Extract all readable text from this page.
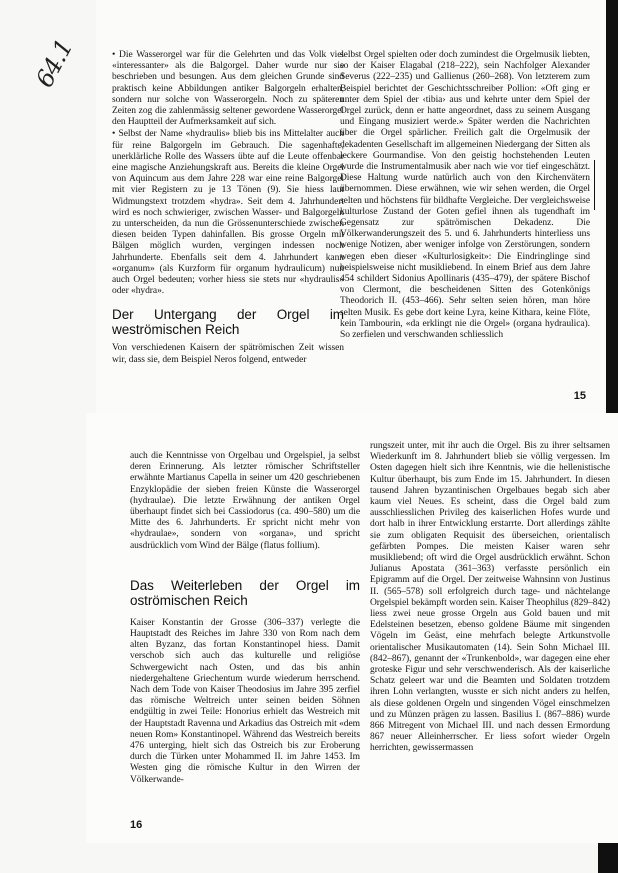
64.1	• Die Wasserorgel war für die Gelehrten und das Volk viel «interessanter» als die Balgorgel. Daher wurde nur sie beschrieben und besungen. Aus dem gleichen Grunde sind praktisch keine Abbildungen antiker Balgorgeln erhalten, sondern nur solche von Wasserorgeln. Noch zu späteren Zeiten zog die zahlenmässig seltener gewordene Wasserorgel den Hauptteil der Aufmerksamkeit auf sich.

• Selbst der Name «hydraulis» blieb bis ins Mittelalter auch für reine Balgorgeln im Gebrauch. Die sagenhafte, unerklärliche Rolle des Wassers übte auf die Leute offenbar eine magische Anziehungskraft aus. Bereits die kleine Orgel von Aquincum aus dem Jahre 228 war eine reine Balgorgel mit vier Registern zu je 13 Tönen (9). Sie hiess laut Widmungstext trotzdem «hydra». Seit dem 4. Jahrhundert wird es noch schwieriger, zwischen Wasser- und Balgorgeln zu unterscheiden, da nun die Grössenunterschiede zwischen diesen beiden Typen dahinfallen. Bis grosse Orgeln mit Bälgen möglich wurden, vergingen indessen noch Jahrhunderte. Ebenfalls seit dem 4. Jahrhundert kann «organum» (als Kurzform für organum hydraulicum) nun auch Orgel bedeuten; vorher hiess sie stets nur «hydraulis» oder «hydra».

Der Untergang der Orgel im weströmischen Reich

Von verschiedenen Kaisern der spätrömischen Zeit wissen wir, dass sie, dem Beispiel Neros folgend, entweder

selbst Orgel spielten oder doch zumindest die Orgelmusik liebten, so der Kaiser Elagabal (218–222), sein Nachfolger Alexander Severus (222–235) und Gallienus (260–268). Von letzterem zum Beispiel berichtet der Geschichtsschreiber Pollion: «Oft ging er unter dem Spiel der ‹tibia› aus und kehrte unter dem Spiel der Orgel zurück, denn er hatte angeordnet, dass zu seinem Ausgang und Eingang musiziert werde.» Später werden die Nachrichten über die Orgel spärlicher. Freilich galt die Orgelmusik der dekadenten Gesellschaft im allgemeinen Niedergang der Sitten als leckere Gourmandise. Von den geistig hochstehenden Leuten wurde die Instrumentalmusik aber nach wie vor tief eingeschätzt. Diese Haltung wurde natürlich auch von den Kirchenvätern übernommen. Diese erwähnen, wie wir sehen werden, die Orgel selten und höchstens für bildhafte Vergleiche. Der vergleichsweise kulturlose Zustand der Goten gefiel ihnen als tugendhaft im Gegensatz zur spätrömischen Dekadenz. Die Völkerwanderungszeit des 5. und 6. Jahrhunderts hinterliess uns wenige Notizen, aber weniger infolge von Zerstörungen, sondern wegen eben dieser «Kulturlosigkeit»: Die Eindringlinge sind beispielsweise nicht musikliebend. In einem Brief aus dem Jahre 454 schildert Sidonius Apollinaris (435–479), der spätere Bischof von Clermont, die bescheidenen Sitten des Gotenkönigs Theodorich II. (453–466). Sehr selten seien hören, man höre selten Musik. Es gebe dort keine Lyra, keine Kithara, keine Flöte, kein Tambourin, «da erklingt nie die Orgel» (organa hydraulica). So zerfielen und verschwanden schliesslich

15

auch die Kenntnisse von Orgelbau und Orgelspiel, ja selbst deren Erinnerung. Als letzter römischer Schriftsteller erwähnte Martianus Capella in seiner um 420 geschriebenen Enzyklopädie der sieben freien Künste die Wasserorgel (hydraulae). Die letzte Erwähnung der antiken Orgel überhaupt findet sich bei Cassiodorus (ca. 490–580) um die Mitte des 6. Jahrhunderts. Er spricht nicht mehr von «hydraulae», sondern von «organa», und spricht ausdrücklich vom Wind der Bälge (flatus follium).

Das Weiterleben der Orgel im oströmischen Reich

Kaiser Konstantin der Grosse (306–337) verlegte die Hauptstadt des Reiches im Jahre 330 von Rom nach dem alten Byzanz, das fortan Konstantinopel hiess. Damit verschob sich auch das kulturelle und religiöse Schwergewicht nach Osten, und das bis anhin niedergehaltene Griechentum wurde wiederum herrschend. Nach dem Tode von Kaiser Theodosius im Jahre 395 zerfiel das römische Weltreich unter seinen beiden Söhnen endgültig in zwei Teile: Honorius erhielt das Westreich mit der Hauptstadt Ravenna und Arkadius das Ostreich mit «dem neuen Rom» Konstantinopel. Während das Westreich bereits 476 unterging, hielt sich das Ostreich bis zur Eroberung durch die Türken unter Mohammed II. im Jahre 1453. Im Westen ging die römische Kultur in den Wirren der Völkerwande-

rungszeit unter, mit ihr auch die Orgel. Bis zu ihrer seltsamen Wiederkunft im 8. Jahrhundert blieb sie völlig vergessen. Im Osten dagegen hielt sich ihre Kenntnis, wie die hellenistische Kultur überhaupt, bis zum Ende im 15. Jahrhundert. In diesen tausend Jahren byzantinischen Orgelbaues begab sich aber kaum viel Neues. Es scheint, dass die Orgel bald zum ausschliesslichen Privileg des kaiserlichen Hofes wurde und dort halb in ihrer Entwicklung erstarrte. Dort allerdings zählte sie zum obligaten Requisit des überseichen, orientalisch gefärbten Pompes. Die meisten Kaiser waren sehr musikliebend; oft wird die Orgel ausdrücklich erwähnt. Schon Julianus Apostata (361–363) verfasste persönlich ein Epigramm auf die Orgel. Der zeitweise Wahnsinn von Justinus II. (565–578) soll erfolgreich durch tage- und nächtelange Orgelspiel bekämpft worden sein. Kaiser Theophilus (829–842) liess zwei neue grosse Orgeln aus Gold bauen und mit Edelsteinen besetzen, ebenso goldene Bäume mit singenden Vögeln im Geäst, eine mehrfach belegte Artkunstvolle orientalischer Musikautomaten (14). Sein Sohn Michael III. (842–867), genannt der «Trunkenbold», war dagegen eine eher groteske Figur und sehr verschwenderisch. Als der kaiserliche Schatz geleert war und die Beamten und Soldaten trotzdem ihren Lohn verlangten, wusste er sich nicht anders zu helfen, als diese goldenen Orgeln und singenden Vögel einschmelzen und zu Münzen prägen zu lassen. Basilius I. (867–886) wurde 866 Mitregent von Michael III. und nach dessen Ermordung 867 neuer Alleinherrscher. Er liess sofort wieder Orgeln herrichten, gewissermassen

16
